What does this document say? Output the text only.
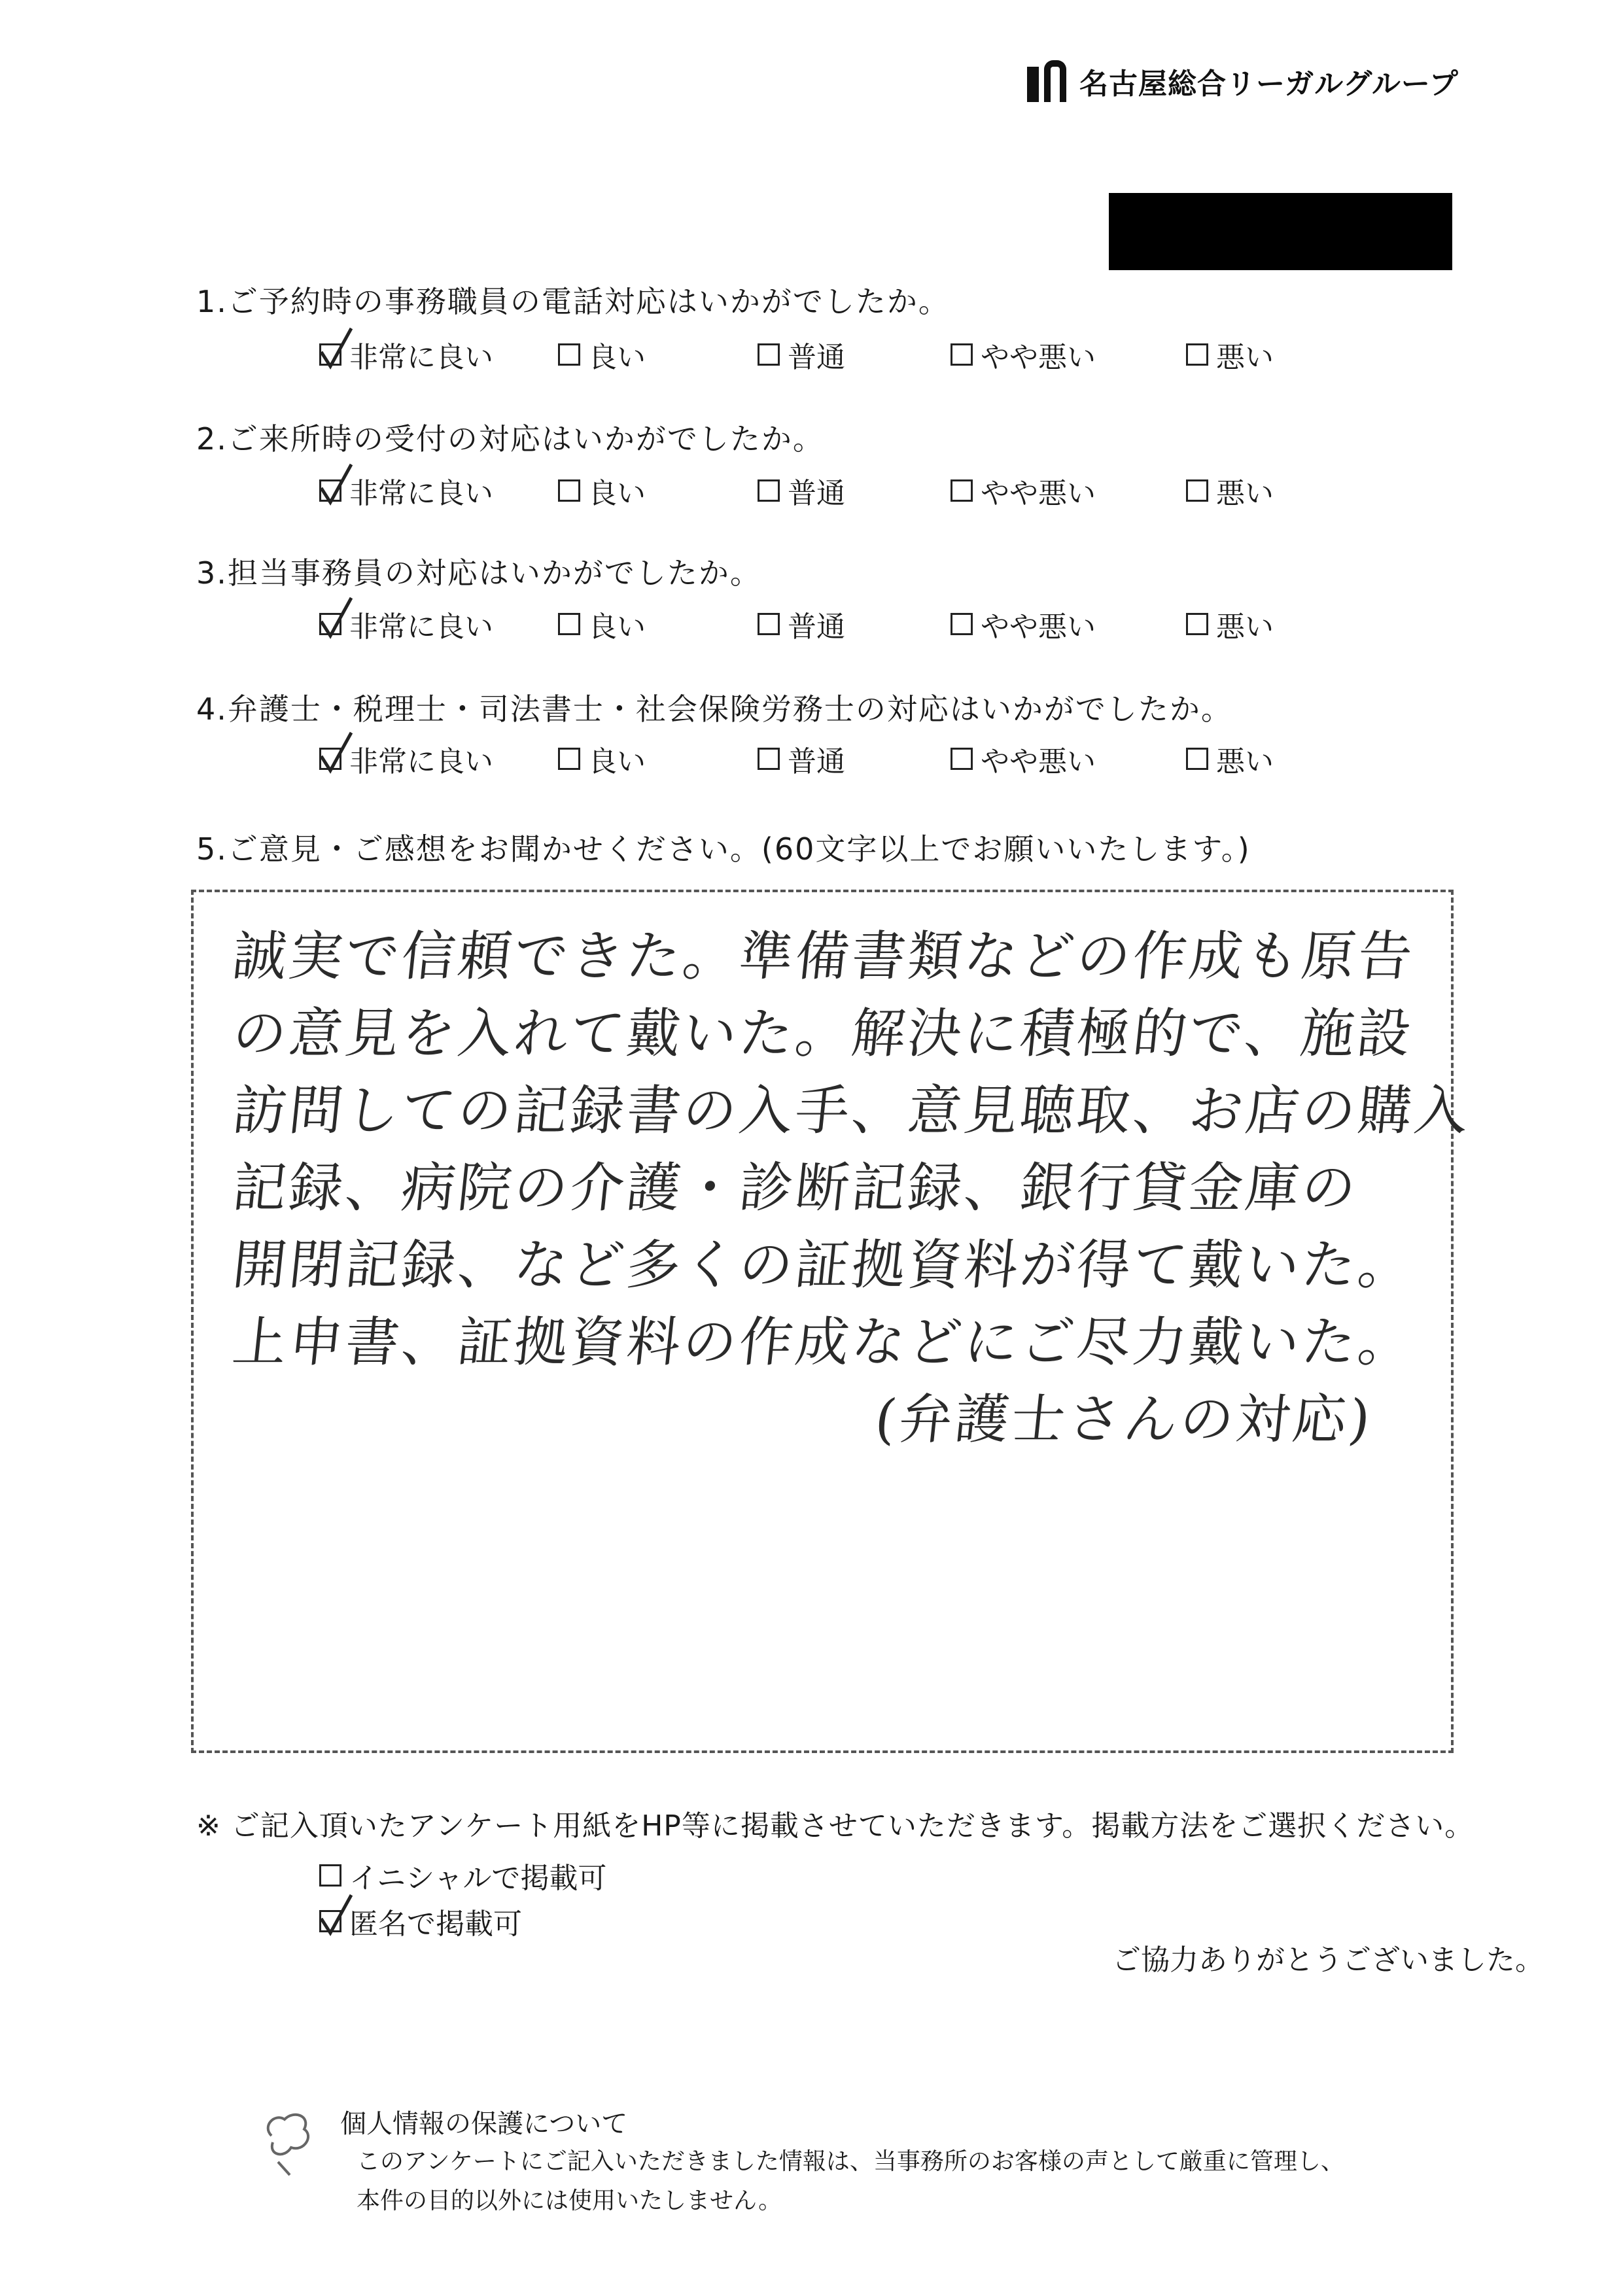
名古屋総合リーガルグループ
1.ご予約時の事務職員の電話対応はいかがでしたか。
非常に良い	良い	普通	やや悪い	悪い
2.ご来所時の受付の対応はいかがでしたか。
非常に良い	良い	普通	やや悪い	悪い
3.担当事務員の対応はいかがでしたか。
非常に良い	良い	普通	やや悪い	悪い
4.弁護士・税理士・司法書士・社会保険労務士の対応はいかがでしたか。
非常に良い	良い	普通	やや悪い	悪い
5.ご意見・ご感想をお聞かせください。(60文字以上でお願いいたします。)
誠実で信頼できた。準備書類などの作成も原告
の意見を入れて戴いた。解決に積極的で、施設
訪問しての記録書の入手、意見聴取、お店の購入
記録、病院の介護・診断記録、銀行貸金庫の
開閉記録、など多くの証拠資料が得て戴いた。
上申書、証拠資料の作成などにご尽力戴いた。
(弁護士さんの対応)
※ ご記入頂いたアンケート用紙をHP等に掲載させていただきます。掲載方法をご選択ください。
イニシャルで掲載可
匿名で掲載可
ご協力ありがとうございました。
個人情報の保護について
このアンケートにご記入いただきました情報は、当事務所のお客様の声として厳重に管理し、
本件の目的以外には使用いたしません。
